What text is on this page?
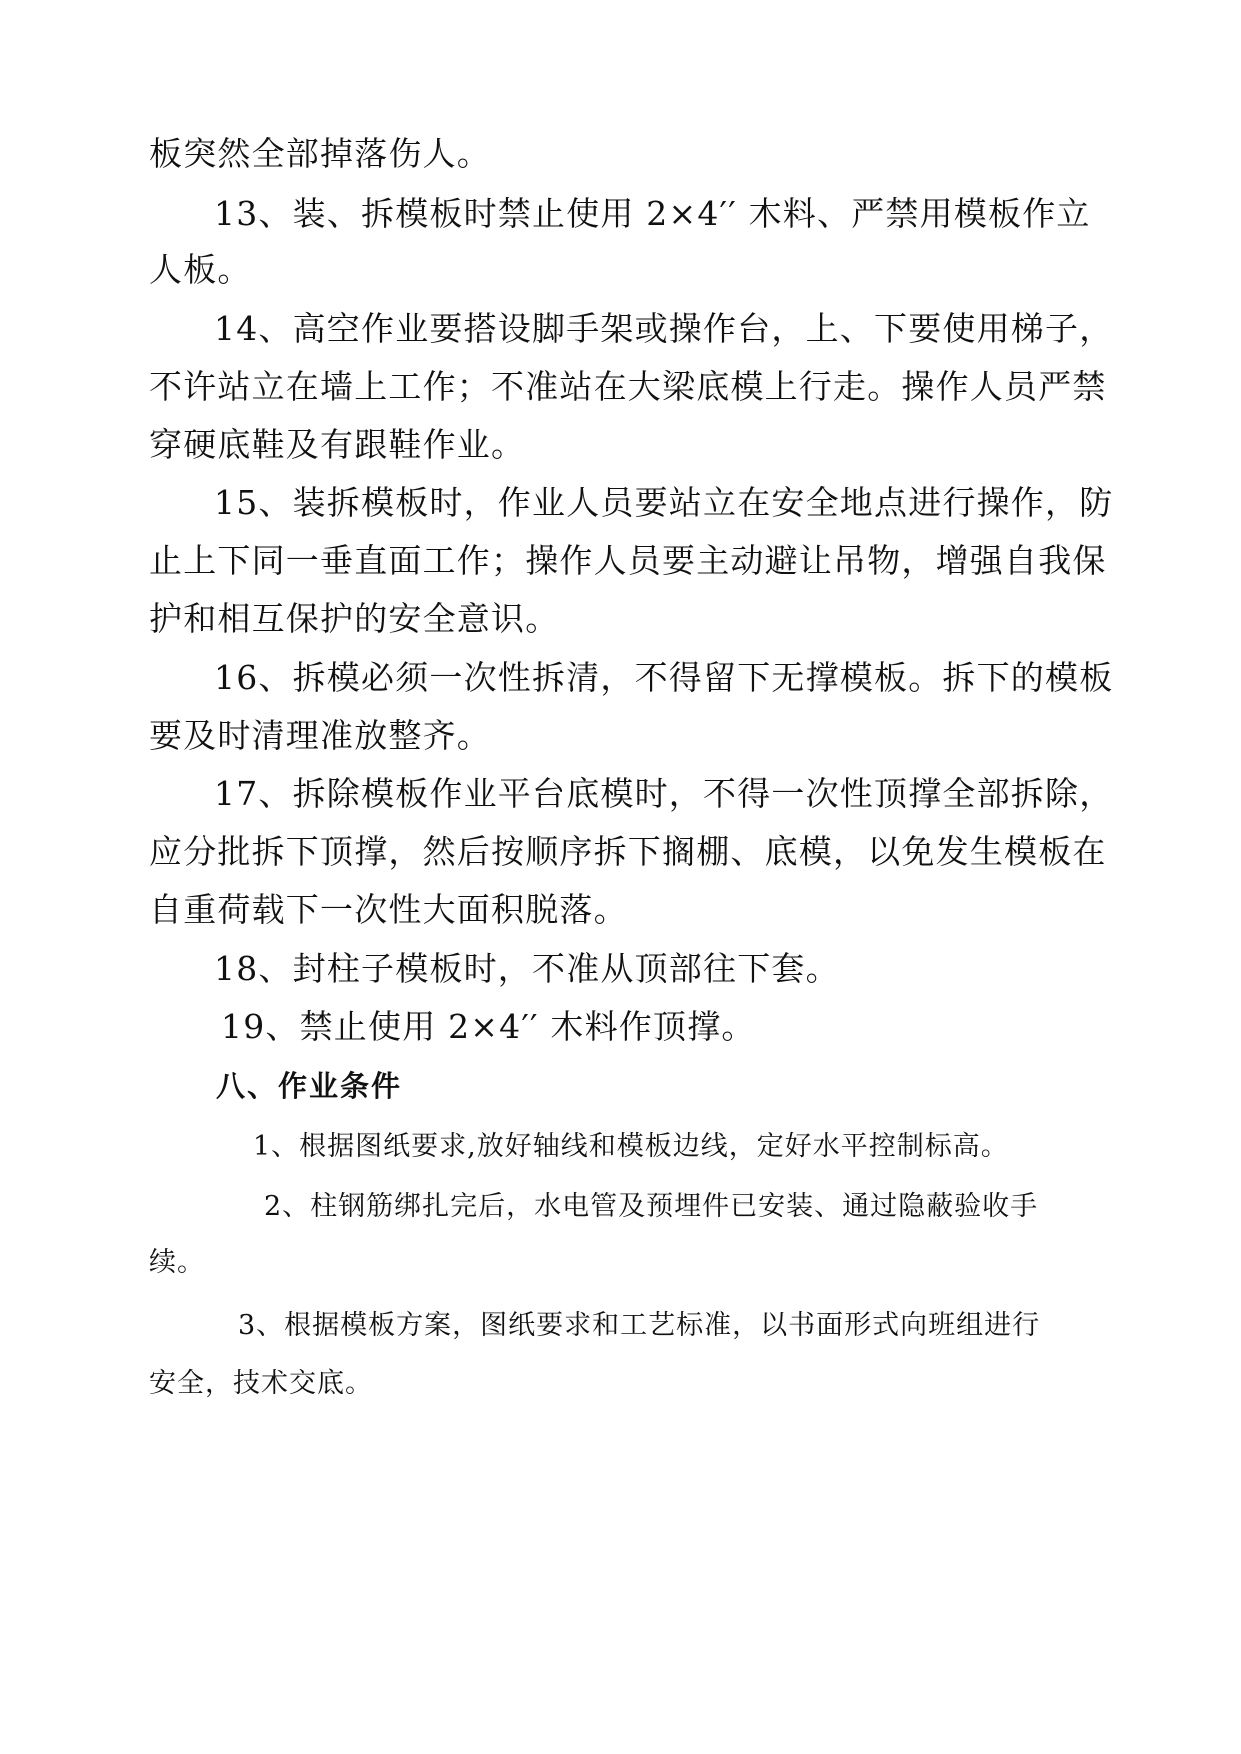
板突然全部掉落伤人。
13、装、拆模板时禁止使用 2×4′′ 木料、严禁用模板作立
人板。
14、高空作业要搭设脚手架或操作台，上、下要使用梯子，
不许站立在墙上工作；不准站在大梁底模上行走。操作人员严禁
穿硬底鞋及有跟鞋作业。
15、装拆模板时，作业人员要站立在安全地点进行操作，防
止上下同一垂直面工作；操作人员要主动避让吊物，增强自我保
护和相互保护的安全意识。
16、拆模必须一次性拆清，不得留下无撑模板。拆下的模板
要及时清理准放整齐。
17、拆除模板作业平台底模时，不得一次性顶撑全部拆除，
应分批拆下顶撑，然后按顺序拆下搁棚、底模，以免发生模板在
自重荷载下一次性大面积脱落。
18、封柱子模板时，不准从顶部往下套。
19、禁止使用 2×4′′ 木料作顶撑。
八、作业条件
1、根据图纸要求,放好轴线和模板边线，定好水平控制标高。
2、柱钢筋绑扎完后，水电管及预埋件已安装、通过隐蔽验收手
续。
3、根据模板方案，图纸要求和工艺标准，以书面形式向班组进行
安全，技术交底。
